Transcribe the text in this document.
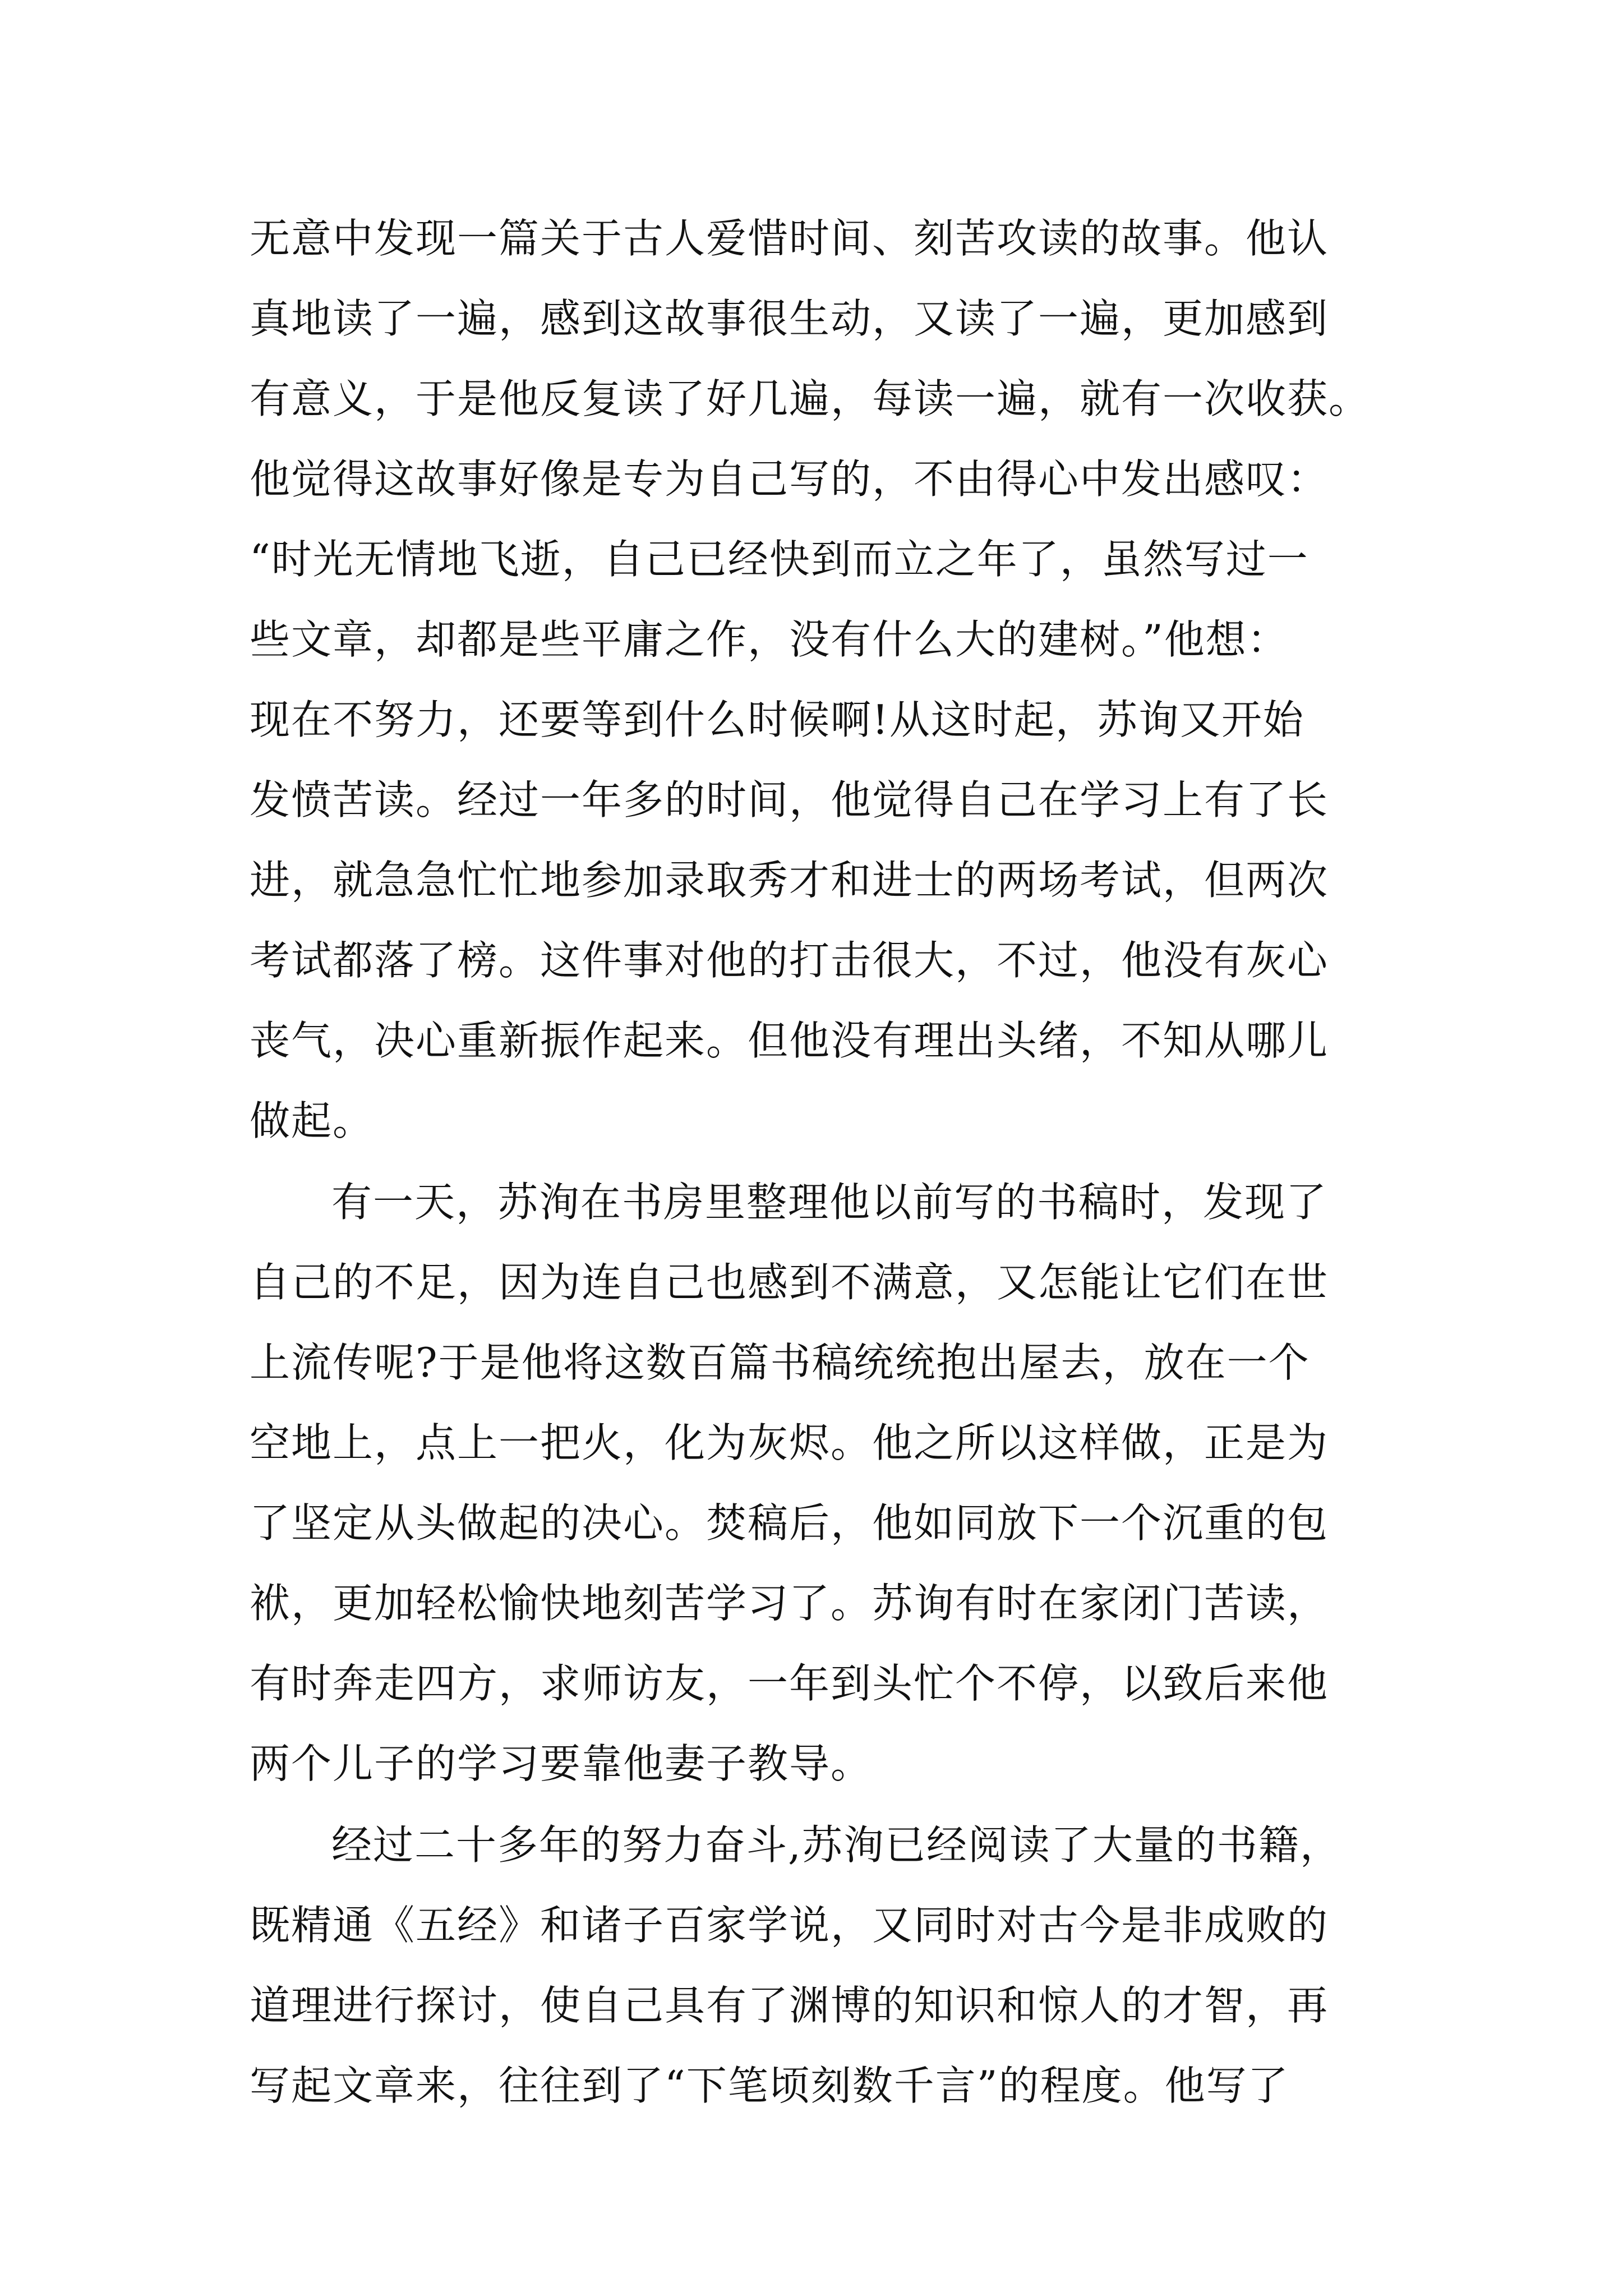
无意中发现一篇关于古人爱惜时间、刻苦攻读的故事。他认
真地读了一遍，感到这故事很生动，又读了一遍，更加感到
有意义，于是他反复读了好几遍，每读一遍，就有一次收获。
他觉得这故事好像是专为自己写的，不由得心中发出感叹：
“时光无情地飞逝，自己已经快到而立之年了，虽然写过一
些文章，却都是些平庸之作，没有什么大的建树。”他想：
现在不努力，还要等到什么时候啊!从这时起，苏询又开始
发愤苦读。经过一年多的时间，他觉得自己在学习上有了长
进，就急急忙忙地参加录取秀才和进士的两场考试，但两次
考试都落了榜。这件事对他的打击很大，不过，他没有灰心
丧气，决心重新振作起来。但他没有理出头绪，不知从哪儿
做起。
有一天，苏洵在书房里整理他以前写的书稿时，发现了
自己的不足，因为连自己也感到不满意，又怎能让它们在世
上流传呢?于是他将这数百篇书稿统统抱出屋去，放在一个
空地上，点上一把火，化为灰烬。他之所以这样做，正是为
了坚定从头做起的决心。焚稿后，他如同放下一个沉重的包
袱，更加轻松愉快地刻苦学习了。苏询有时在家闭门苦读，
有时奔走四方，求师访友，一年到头忙个不停，以致后来他
两个儿子的学习要靠他妻子教导。
经过二十多年的努力奋斗,苏洵已经阅读了大量的书籍，
既精通《五经》和诸子百家学说，又同时对古今是非成败的
道理进行探讨，使自己具有了渊博的知识和惊人的才智，再
写起文章来，往往到了“下笔顷刻数千言”的程度。他写了
